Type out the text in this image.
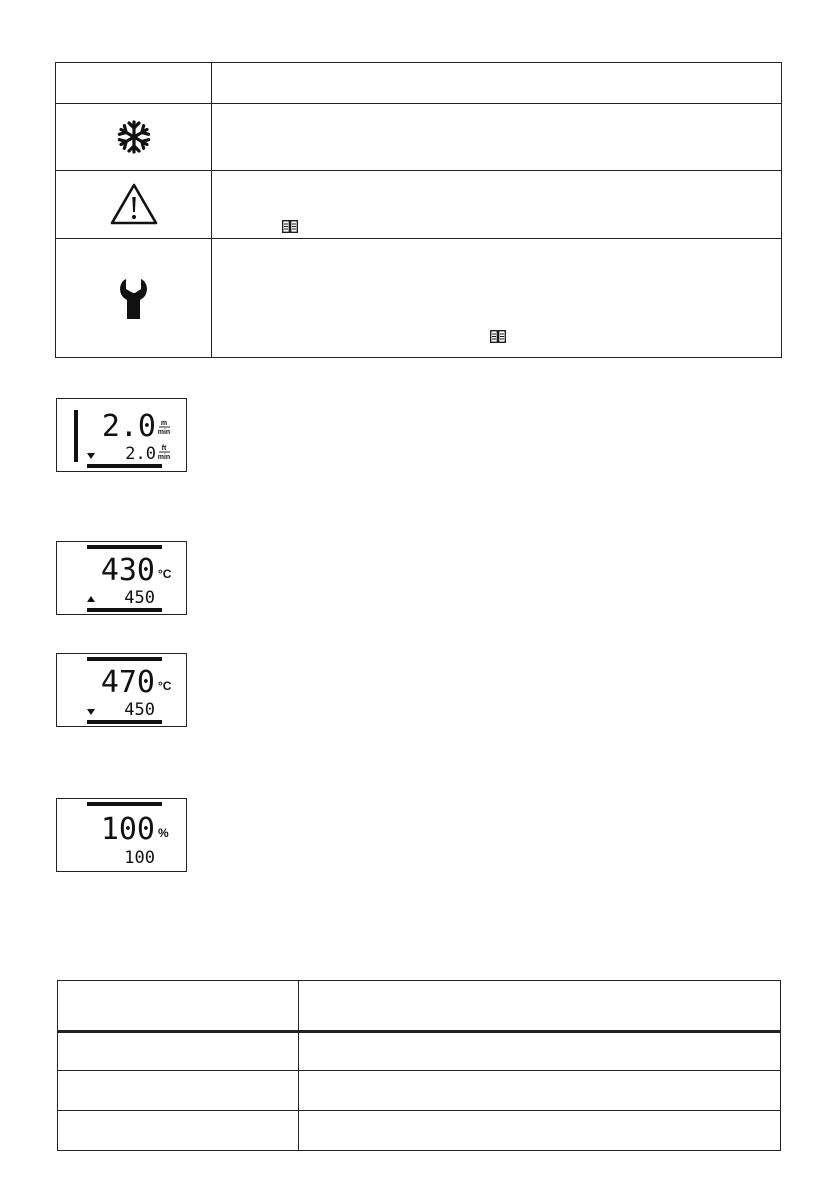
2.0 m
min
2.0 ft
min
430 °C
450
470 °C
450
100 %
100
